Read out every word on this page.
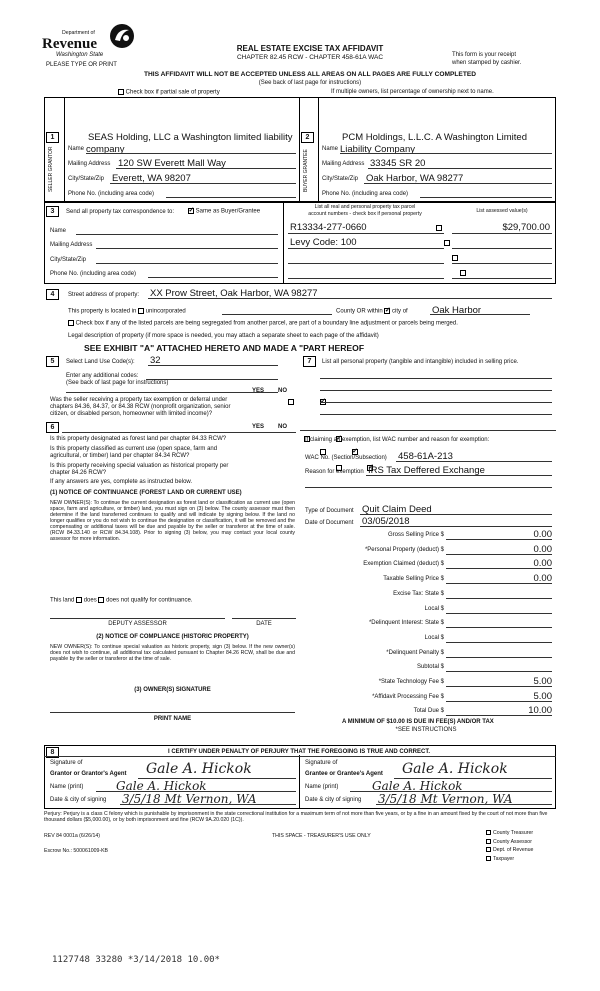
Department of
Revenue
Washington State
PLEASE TYPE OR PRINT
REAL ESTATE EXCISE TAX AFFIDAVIT
CHAPTER 82.45 RCW - CHAPTER 458-61A WAC	This form is your receipt
when stamped by cashier.
THIS AFFIDAVIT WILL NOT BE ACCEPTED UNLESS ALL AREAS ON ALL PAGES ARE FULLY COMPLETED
(See back of last page for instructions)
Check box if partial sale of property	If multiple owners, list percentage of ownership next to name.
1	2
SELLER GRANTOR	BUYER GRANTEE
SEAS Holding, LLC a Washington limited liability
Name company
Mailing Address 120 SW Everett Mall Way
City/State/Zip Everett, WA 98207
Phone No. (including area code)
PCM Holdings, L.L.C. A Washington Limited
Name Liability Company
Mailing Address 33345 SR 20
City/State/Zip Oak Harbor, WA 98277
Phone No. (including area code)
3	Send all property tax correspondence to: ✓	Same as Buyer/Grantee
List all real and personal property tax parcel
account numbers - check box if personal property	List assessed value(s)
Name
Mailing Address
City/State/Zip
Phone No. (including area code)
R13334-277-0660	$29,700.00
Levy Code: 100

4	Street address of property: XX Prow Street, Oak Harbor, WA 98277
This property is located in unincorporated	County OR within ✓ city of	Oak Harbor
Check box if any of the listed parcels are being segregated from another parcel, are part of a boundary line adjustment or parcels being merged.
Legal description of property (if more space is needed, you may attach a separate sheet to each page of the affidavit)
SEE EXHIBIT "A" ATTACHED HERETO AND MADE A "PART HEREOF
5	Select Land Use Code(s): 32
Enter any additional codes:
(See back of last page for instructions)
YES NO
Was the seller receiving a property tax exemption or deferral under chapters 84.36, 84.37, or 84.38 RCW (nonprofit organization, senior citizen, or disabled person, homeowner with limited income)?
✓
6	YES NO
Is this property designated as forest land per chapter 84.33 RCW?
✓
Is this property classified as current use (open space, farm and agricultural, or timber) land per chapter 84.34 RCW?
✓
Is this property receiving special valuation as historical property per chapter 84.26 RCW?
✓
If any answers are yes, complete as instructed below.
(1) NOTICE OF CONTINUANCE (FOREST LAND OR CURRENT USE)
NEW OWNER(S): To continue the current designation as forest land or classification as current use (open space, farm and agriculture, or timber) land, you must sign on (3) below. The county assessor must then determine if the land transferred continues to qualify and will indicate by signing below. If the land no longer qualifies or you do not wish to continue the designation or classification, it will be removed and the compensating or additional taxes will be due and payable by the seller or transferor at the time of sale. (RCW 84.33.140 or RCW 84.34.108). Prior to signing (3) below, you may contact your local county assessor for more information.
This land does does not qualify for continuance.
DEPUTY ASSESSOR	DATE
(2) NOTICE OF COMPLIANCE (HISTORIC PROPERTY)
NEW OWNER(S): To continue special valuation as historic property, sign (3) below. If the new owner(s) does not wish to continue, all additional tax calculated pursuant to Chapter 84.26 RCW, shall be due and payable by the seller or transferor at the time of sale.
(3) OWNER(S) SIGNATURE
PRINT NAME
7	List all personal property (tangible and intangible) included in selling price.
If claiming an exemption, list WAC number and reason for exemption:
WAC No. (Section/Subsection) 458-61A-213
Reason for exemption IRS Tax Deffered Exchange
Type of Document Quit Claim Deed
Date of Document 03/05/2018
Gross Selling Price $	0.00
*Personal Property (deduct) $	0.00
Exemption Claimed (deduct) $	0.00
Taxable Selling Price $	0.00
Excise Tax: State $
Local $
*Delinquent Interest: State $
Local $
*Delinquent Penalty $
Subtotal $
*State Technology Fee $	5.00
*Affidavit Processing Fee $	5.00
Total Due $	10.00
A MINIMUM OF $10.00 IS DUE IN FEE(S) AND/OR TAX
*SEE INSTRUCTIONS
8	I CERTIFY UNDER PENALTY OF PERJURY THAT THE FOREGOING IS TRUE AND CORRECT.
Signature of
Grantor or Grantor's Agent Gale A. Hickok
Name (print)	Gale A. Hickok
Date & city of signing 3/5/18 Mt Vernon, WA
Signature of
Grantee or Grantee's Agent Gale A. Hickok
Name (print)	Gale A. Hickok
Date & city of signing 3/5/18 Mt Vernon, WA
Perjury: Perjury is a class C felony which is punishable by imprisonment in the state correctional institution for a maximum term of not more than five years, or by a fine in an amount fixed by the court of not more than five thousand dollars ($5,000.00), or by both imprisonment and fine (RCW 9A.20.020 (1C)).
REV 84 0001a (6/26/14)	THIS SPACE - TREASURER'S USE ONLY
Escrow No.: 500061009-KB
County Treasurer
County Assessor
Dept. of Revenue
Taxpayer
1127748 33280 *3/14/2018 10.00*
